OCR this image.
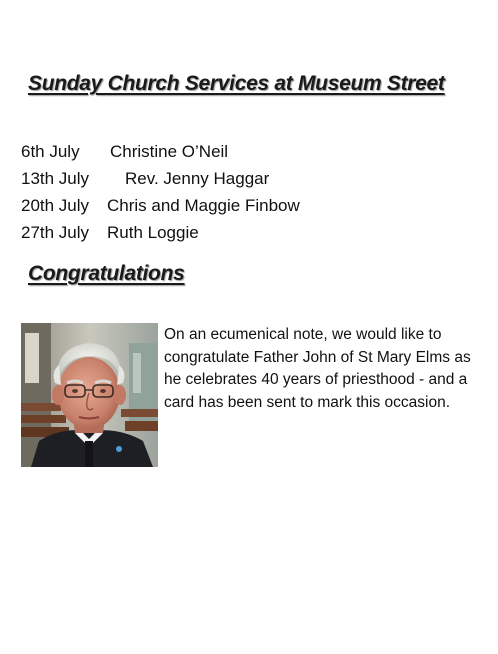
Sunday Church Services at Museum Street
6th July	Christine O’Neil
13th July	Rev. Jenny Haggar
20th July	Chris and Maggie Finbow
27th July	Ruth Loggie
Congratulations

On an ecumenical note, we would like to congratulate Father John of St Mary Elms as he celebrates 40 years of priesthood - and a card has been sent to mark this occasion.
